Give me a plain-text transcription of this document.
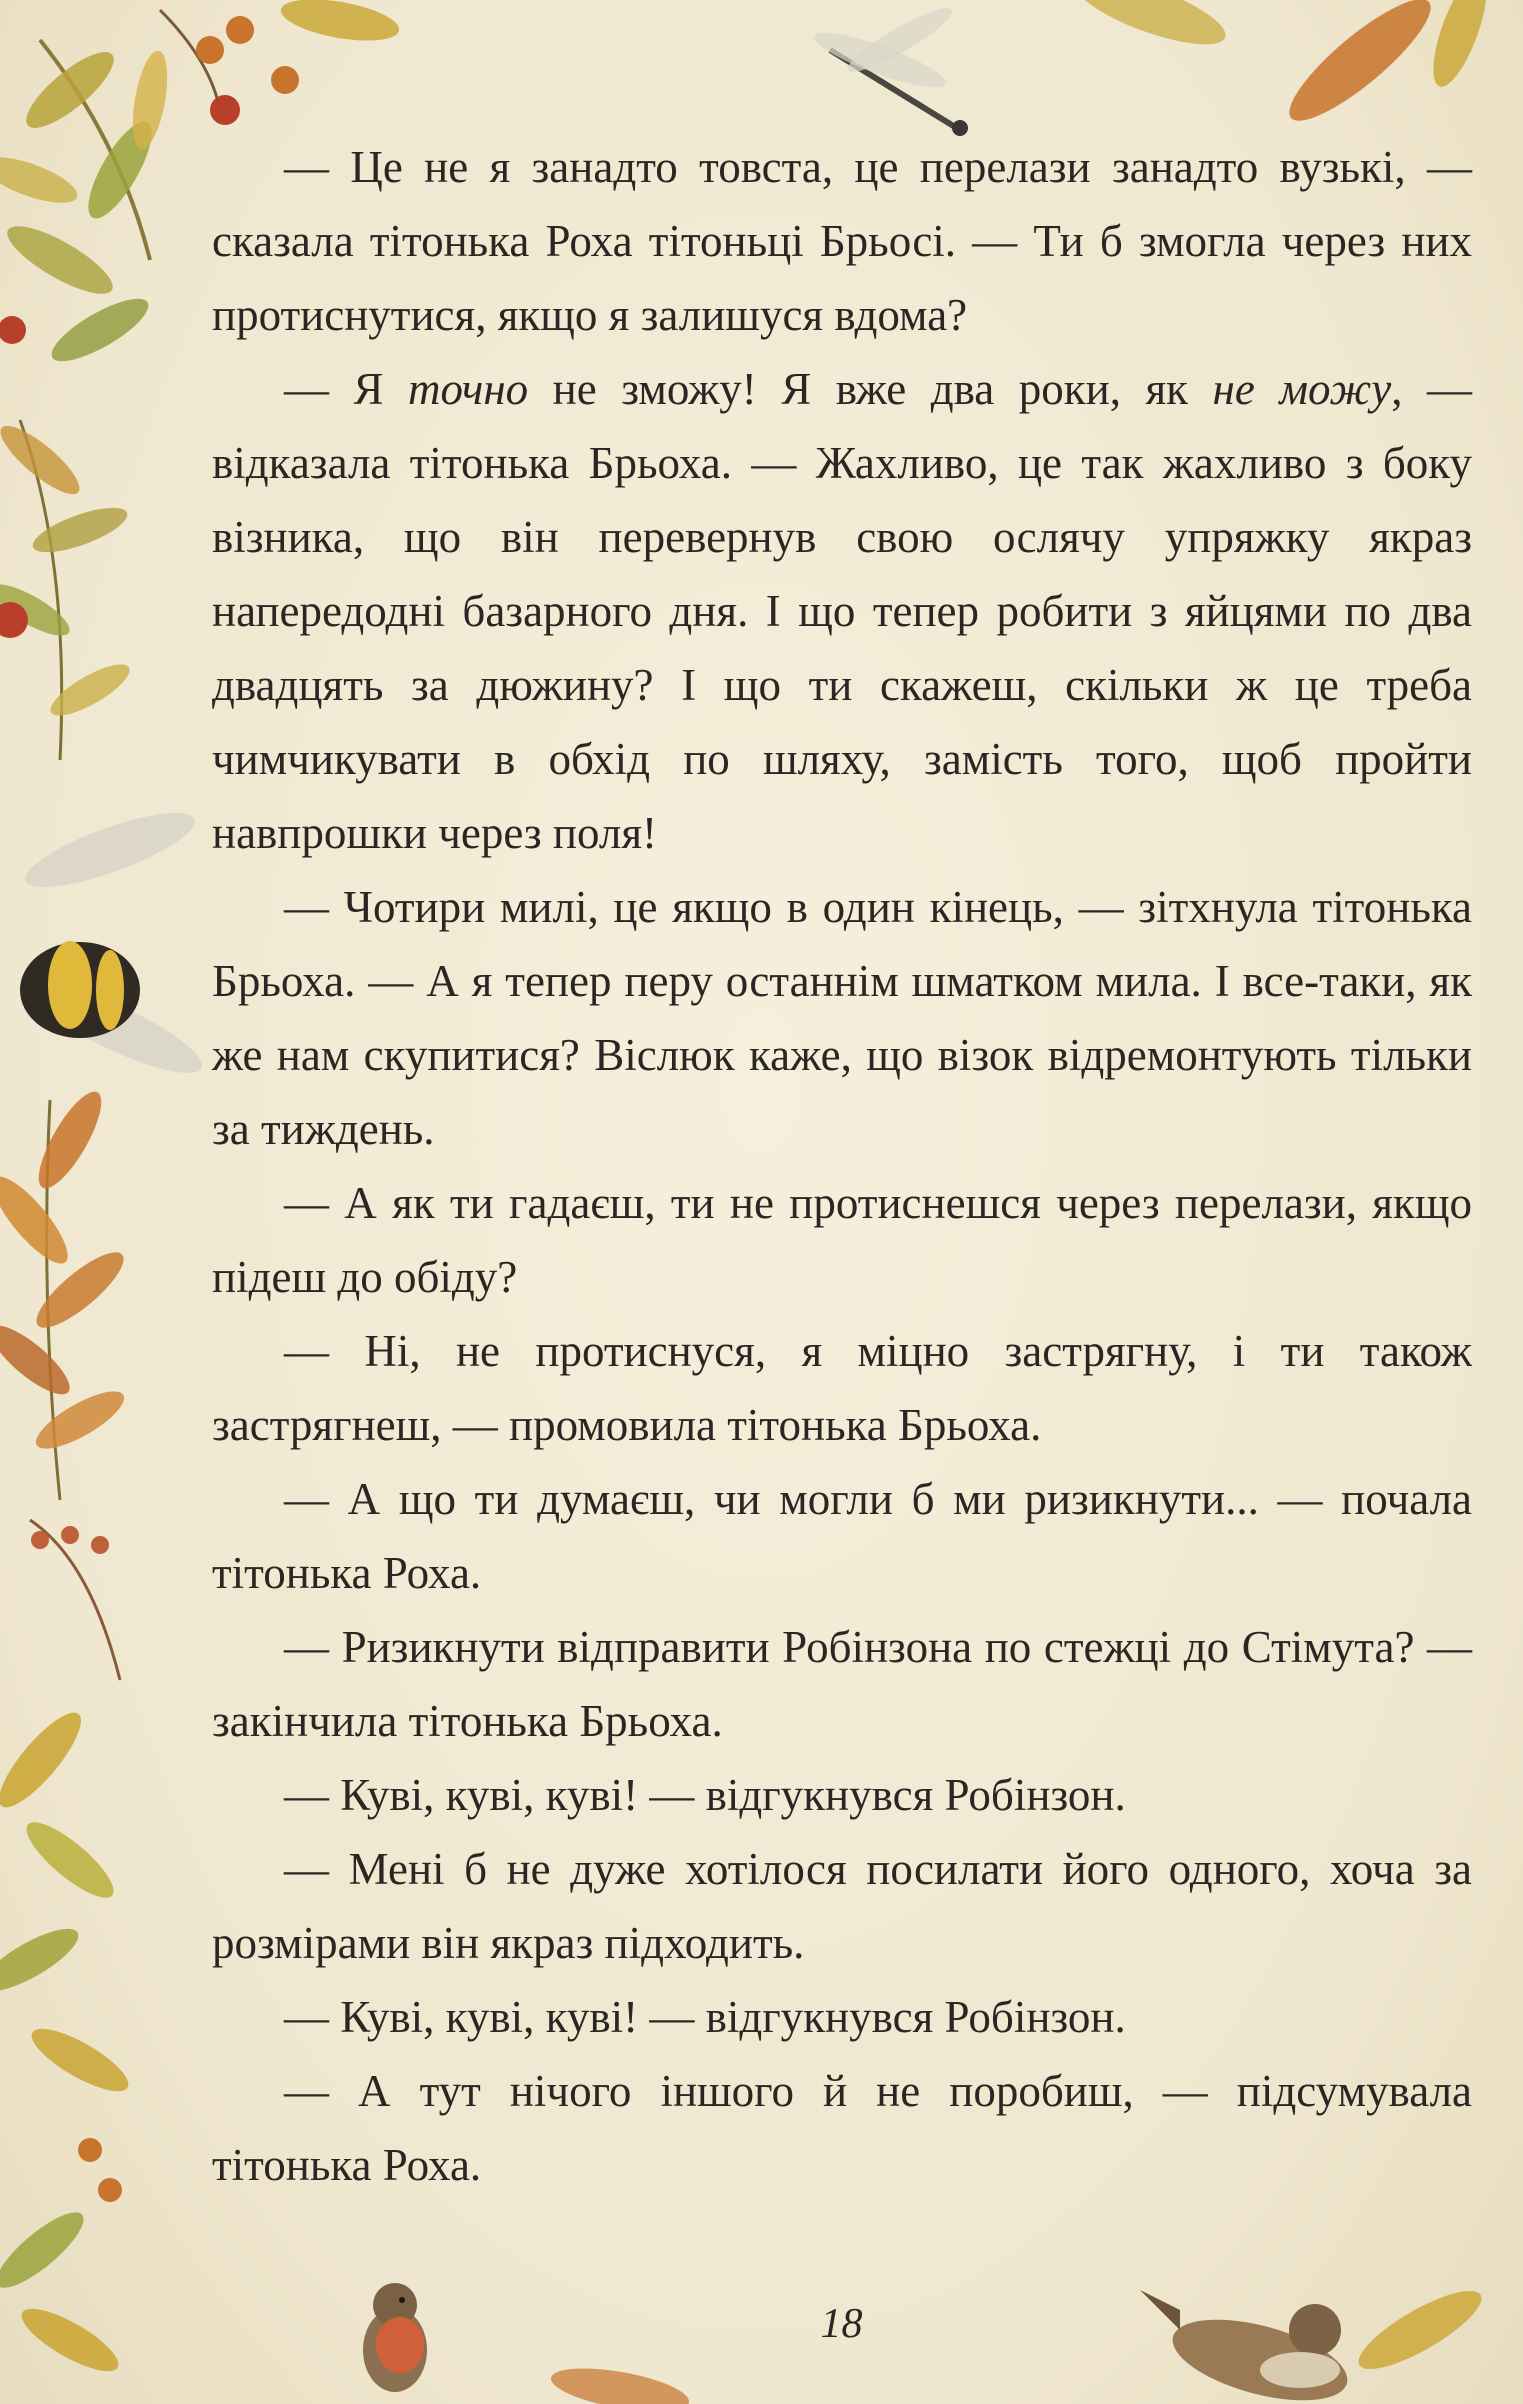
— Це не я занадто товста, це перелази занадто вузькі, — сказала тітонька Роха тітоньці Брьосі. — Ти б змогла через них протиснутися, якщо я залишуся вдома?

— Я точно не зможу! Я вже два роки, як не можу, — відказала тітонька Брьоха. — Жахливо, це так жахливо з боку візника, що він перевернув свою ослячу упряжку якраз напередодні базарного дня. І що тепер робити з яйцями по два двадцять за дюжину? І що ти скажеш, скільки ж це треба чимчикувати в обхід по шляху, замість того, щоб пройти навпрошки через поля!

— Чотири милі, це якщо в один кінець, — зітхнула тітонька Брьоха. — А я тепер перу останнім шматком мила. І все-таки, як же нам скупитися? Віслюк каже, що візок відремонтують тільки за тиждень.

— А як ти гадаєш, ти не протиснешся через перелази, якщо підеш до обіду?

— Ні, не протиснуся, я міцно застрягну, і ти також застрягнеш, — промовила тітонька Брьоха.

— А що ти думаєш, чи могли б ми ризикнути... — почала тітонька Роха.

— Ризикнути відправити Робінзона по стежці до Стімута? — закінчила тітонька Брьоха.

— Куві, куві, куві! — відгукнувся Робінзон.

— Мені б не дуже хотілося посилати його одного, хоча за розмірами він якраз підходить.

— Куві, куві, куві! — відгукнувся Робінзон.

— А тут нічого іншого й не поробиш, — підсумувала тітонька Роха.

18
